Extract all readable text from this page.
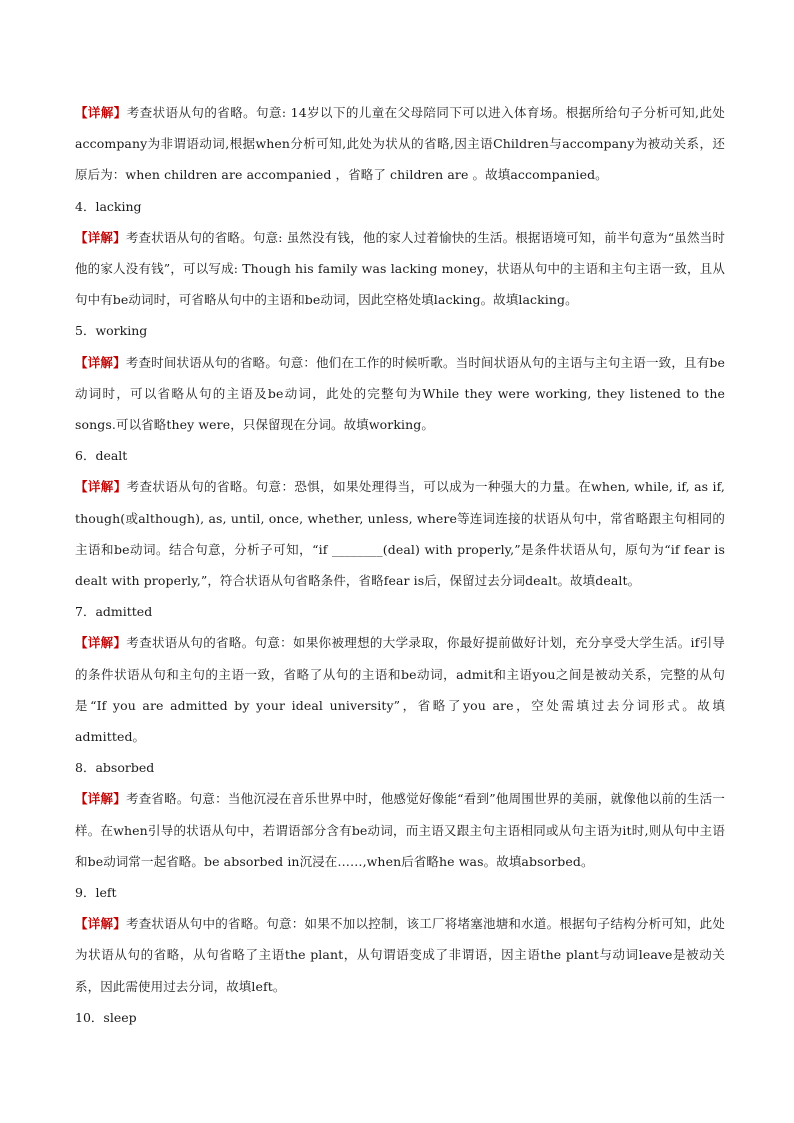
【详解】考查状语从句的省略。句意: 14岁以下的儿童在父母陪同下可以进入体育场。根据所给句子分析可知,此处accompany为非谓语动词,根据when分析可知,此处为状从的省略,因主语Children与accompany为被动关系，还原后为：when children are accompanied ，省略了 children are 。故填accompanied。

4．lacking

【详解】考查状语从句的省略。句意: 虽然没有钱，他的家人过着愉快的生活。根据语境可知，前半句意为“虽然当时他的家人没有钱”，可以写成: Though his family was lacking money，状语从句中的主语和主句主语一致，且从句中有be动词时，可省略从句中的主语和be动词，因此空格处填lacking。故填lacking。

5．working

【详解】考查时间状语从句的省略。句意：他们在工作的时候听歌。当时间状语从句的主语与主句主语一致，且有be动词时，可以省略从句的主语及be动词，此处的完整句为While they were working, they listened to the songs.可以省略they were，只保留现在分词。故填working。

6．dealt

【详解】考查状语从句的省略。句意：恐惧，如果处理得当，可以成为一种强大的力量。在when, while, if, as if, though(或although), as, until, once, whether, unless, where等连词连接的状语从句中，常省略跟主句相同的主语和be动词。结合句意，分析子可知，“if ________(deal) with properly,”是条件状语从句，原句为“if fear is dealt with properly,”，符合状语从句省略条件，省略fear is后，保留过去分词dealt。故填dealt。

7．admitted

【详解】考查状语从句的省略。句意：如果你被理想的大学录取，你最好提前做好计划，充分享受大学生活。if引导的条件状语从句和主句的主语一致，省略了从句的主语和be动词，admit和主语you之间是被动关系，完整的从句是“If you are admitted by your ideal university”，省略了you are，空处需填过去分词形式。故填admitted。

8．absorbed

【详解】考查省略。句意：当他沉浸在音乐世界中时，他感觉好像能“看到”他周围世界的美丽，就像他以前的生活一样。在when引导的状语从句中，若谓语部分含有be动词，而主语又跟主句主语相同或从句主语为it时,则从句中主语和be动词常一起省略。be absorbed in沉浸在……,when后省略he was。故填absorbed。

9．left

【详解】考查状语从句中的省略。句意：如果不加以控制，该工厂将堵塞池塘和水道。根据句子结构分析可知，此处为状语从句的省略，从句省略了主语the plant，从句谓语变成了非谓语，因主语the plant与动词leave是被动关系，因此需使用过去分词，故填left。

10．sleep
